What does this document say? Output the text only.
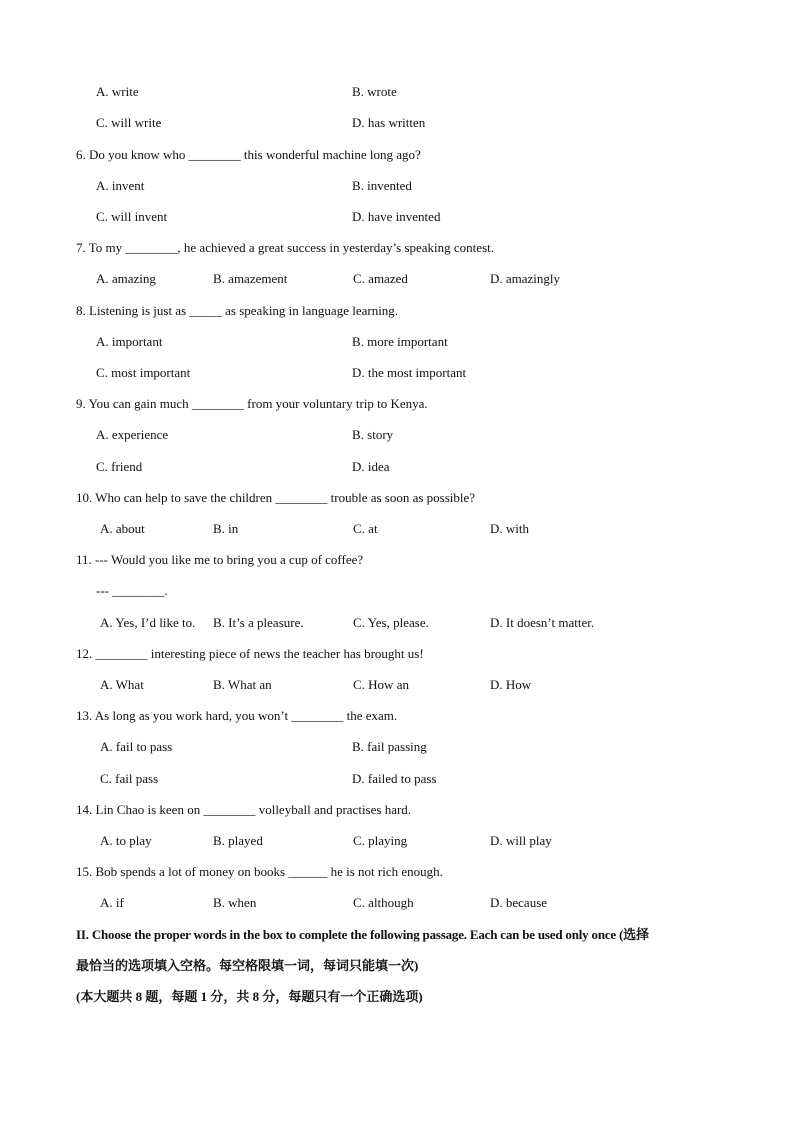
A. write	B. wrote
C. will write	D. has written
6. Do you know who ________ this wonderful machine long ago?
A. invent	B. invented
C. will invent	D. have invented
7. To my ________, he achieved a great success in yesterday’s speaking contest.
A. amazing	B. amazement	C. amazed	D. amazingly
8. Listening is just as _____ as speaking in language learning.
A. important	B. more important
C. most important	D. the most important
9. You can gain much ________ from your voluntary trip to Kenya.
A. experience	B. story
C. friend	D. idea
10. Who can help to save the children ________ trouble as soon as possible?
A. about	B. in	C. at	D. with
11. --- Would you like me to bring you a cup of coffee?
--- ________.
A. Yes, I’d like to. B. It’s a pleasure.	C. Yes, please.	D. It doesn’t matter.
12. ________ interesting piece of news the teacher has brought us!
A. What	B. What an	C. How an	D. How
13. As long as you work hard, you won’t ________ the exam.
A. fail to pass	B. fail passing
C. fail pass	D. failed to pass
14. Lin Chao is keen on ________ volleyball and practises hard.
A. to play	B. played	C. playing	D. will play
15. Bob spends a lot of money on books ______ he is not rich enough.
A. if	B. when	C. although	D. because
II. Choose the proper words in the box to complete the following passage. Each can be used only once (选择
最恰当的选项填入空格。每空格限填一词，每词只能填一次)
(本大题共 8 题，每题 1 分，共 8 分，每题只有一个正确选项)
